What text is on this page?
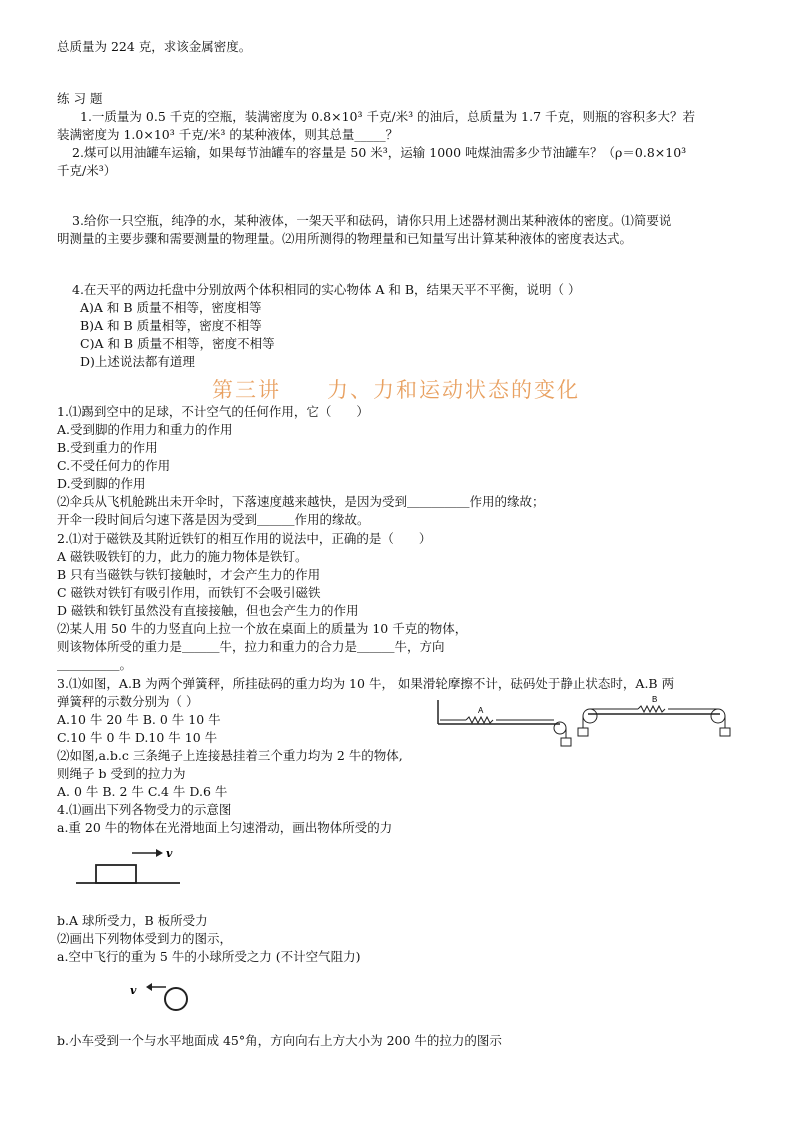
总质量为 224 克，求该金属密度。
练 习 题
1.一质量为 0.5 千克的空瓶，装满密度为 0.8×10³ 千克/米³ 的油后，总质量为 1.7 千克，则瓶的容积多大？若
装满密度为 1.0×10³ 千克/米³ 的某种液体，则其总量_____？
2.煤可以用油罐车运输，如果每节油罐车的容量是 50 米³，运输 1000 吨煤油需多少节油罐车？（ρ＝0.8×10³
千克/米³）
3.给你一只空瓶，纯净的水，某种液体，一架天平和砝码，请你只用上述器材测出某种液体的密度。⑴简要说
明测量的主要步骤和需要测量的物理量。⑵用所测得的物理量和已知量写出计算某种液体的密度表达式。
4.在天平的两边托盘中分别放两个体积相同的实心物体 A 和 B，结果天平不平衡，说明（ ）
A)A 和 B 质量不相等，密度相等
B)A 和 B 质量相等，密度不相等
C)A 和 B 质量不相等，密度不相等
D)上述说法都有道理
第三讲　　力、力和运动状态的变化
1.⑴踢到空中的足球，不计空气的任何作用，它（　　）
A.受到脚的作用力和重力的作用
B.受到重力的作用
C.不受任何力的作用
D.受到脚的作用
⑵伞兵从飞机舱跳出未开伞时，下落速度越来越快，是因为受到＿＿＿＿＿作用的缘故；
开伞一段时间后匀速下落是因为受到＿＿＿作用的缘故。
2.⑴对于磁铁及其附近铁钉的相互作用的说法中，正确的是（　　）
A 磁铁吸铁钉的力，此力的施力物体是铁钉。
B 只有当磁铁与铁钉接触时，才会产生力的作用
C 磁铁对铁钉有吸引作用，而铁钉不会吸引磁铁
D 磁铁和铁钉虽然没有直接接触，但也会产生力的作用
⑵某人用 50 牛的力竖直向上拉一个放在桌面上的质量为 10 千克的物体，
则该物体所受的重力是＿＿＿牛，拉力和重力的合力是＿＿＿牛，方向
＿＿＿＿＿。
3.⑴如图，A.B 为两个弹簧秤，所挂砝码的重力均为 10 牛， 如果滑轮摩擦不计，砝码处于静止状态时，A.B 两
弹簧秤的示数分别为（ ）
A.10 牛 20 牛 B. 0 牛 10 牛
C.10 牛 0 牛 D.10 牛 10 牛
⑵如图,a.b.c 三条绳子上连接悬挂着三个重力均为 2 牛的物体,
则绳子 b 受到的拉力为
A. 0 牛 B. 2 牛 C.4 牛 D.6 牛
4.⑴画出下列各物受力的示意图
a.重 20 牛的物体在光滑地面上匀速滑动，画出物体所受的力
b.A 球所受力，B 板所受力
⑵画出下列物体受到力的图示，
a.空中飞行的重为 5 牛的小球所受之力 (不计空气阻力)
b.小车受到一个与水平地面成 45°角，方向向右上方大小为 200 牛的拉力的图示
A
B
v
v
